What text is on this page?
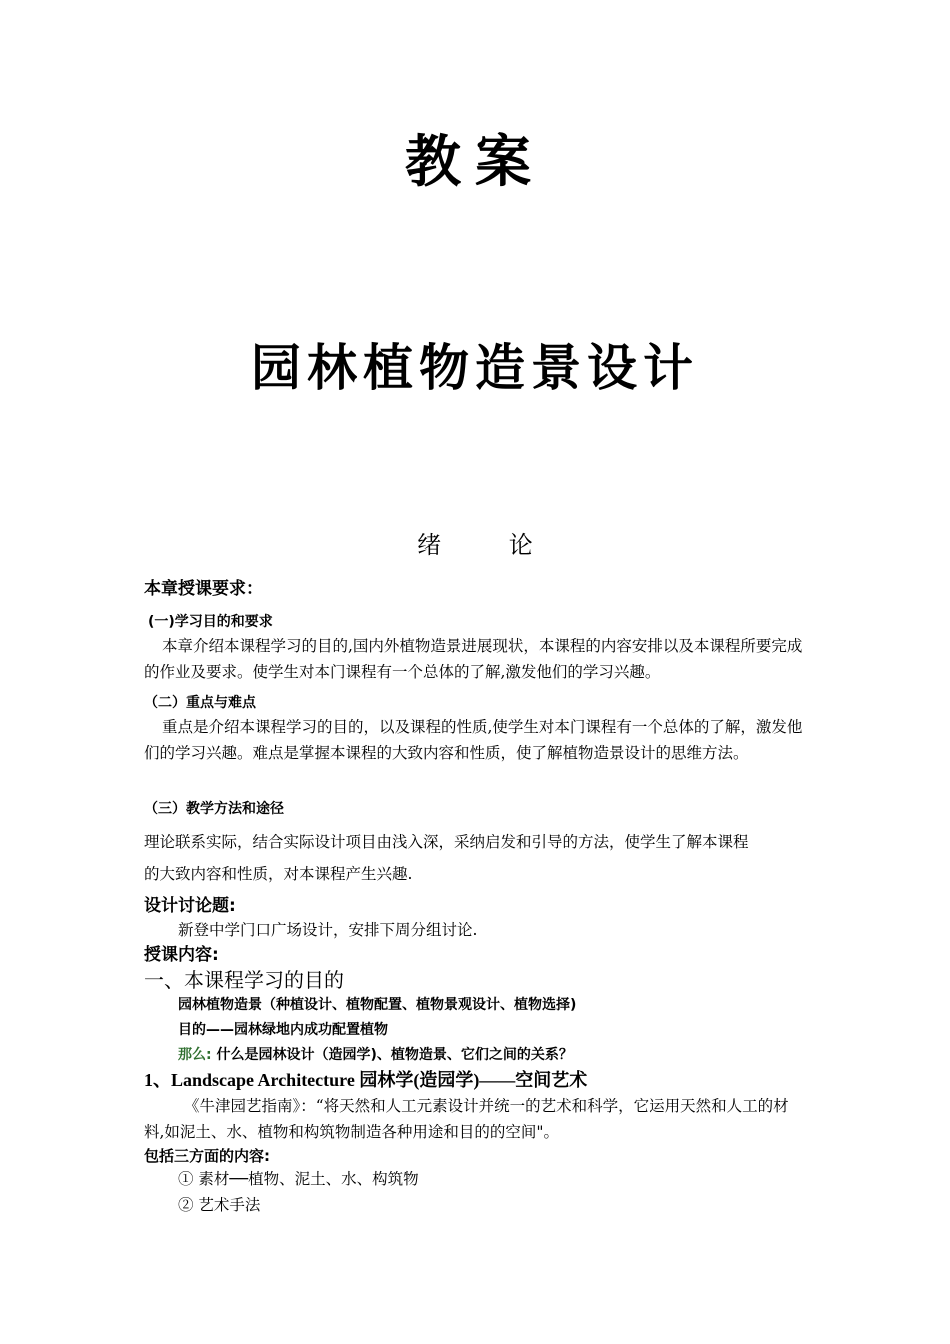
教案
园林植物造景设计
绪 论
本章授课要求：
(一)学习目的和要求
本章介绍本课程学习的目的,国内外植物造景进展现状，本课程的内容安排以及本课程所要完成的作业及要求。使学生对本门课程有一个总体的了解,激发他们的学习兴趣。
（二）重点与难点
重点是介绍本课程学习的目的，以及课程的性质,使学生对本门课程有一个总体的了解，激发他们的学习兴趣。难点是掌握本课程的大致内容和性质，使了解植物造景设计的思维方法。
（三）教学方法和途径
理论联系实际，结合实际设计项目由浅入深，采纳启发和引导的方法，使学生了解本课程
的大致内容和性质，对本课程产生兴趣.
设计讨论题:
新登中学门口广场设计，安排下周分组讨论.
授课内容:
一、本课程学习的目的
园林植物造景（种植设计、植物配置、植物景观设计、植物选择)
目的——园林绿地内成功配置植物
那么: 什么是园林设计（造园学)、植物造景、它们之间的关系？
1、Landscape Architecture 园林学(造园学)——空间艺术
《牛津园艺指南》：“将天然和人工元素设计并统一的艺术和科学，它运用天然和人工的材料,如泥土、水、植物和构筑物制造各种用途和目的的空间"。
包括三方面的内容:
① 素材──植物、泥土、水、构筑物
② 艺术手法
